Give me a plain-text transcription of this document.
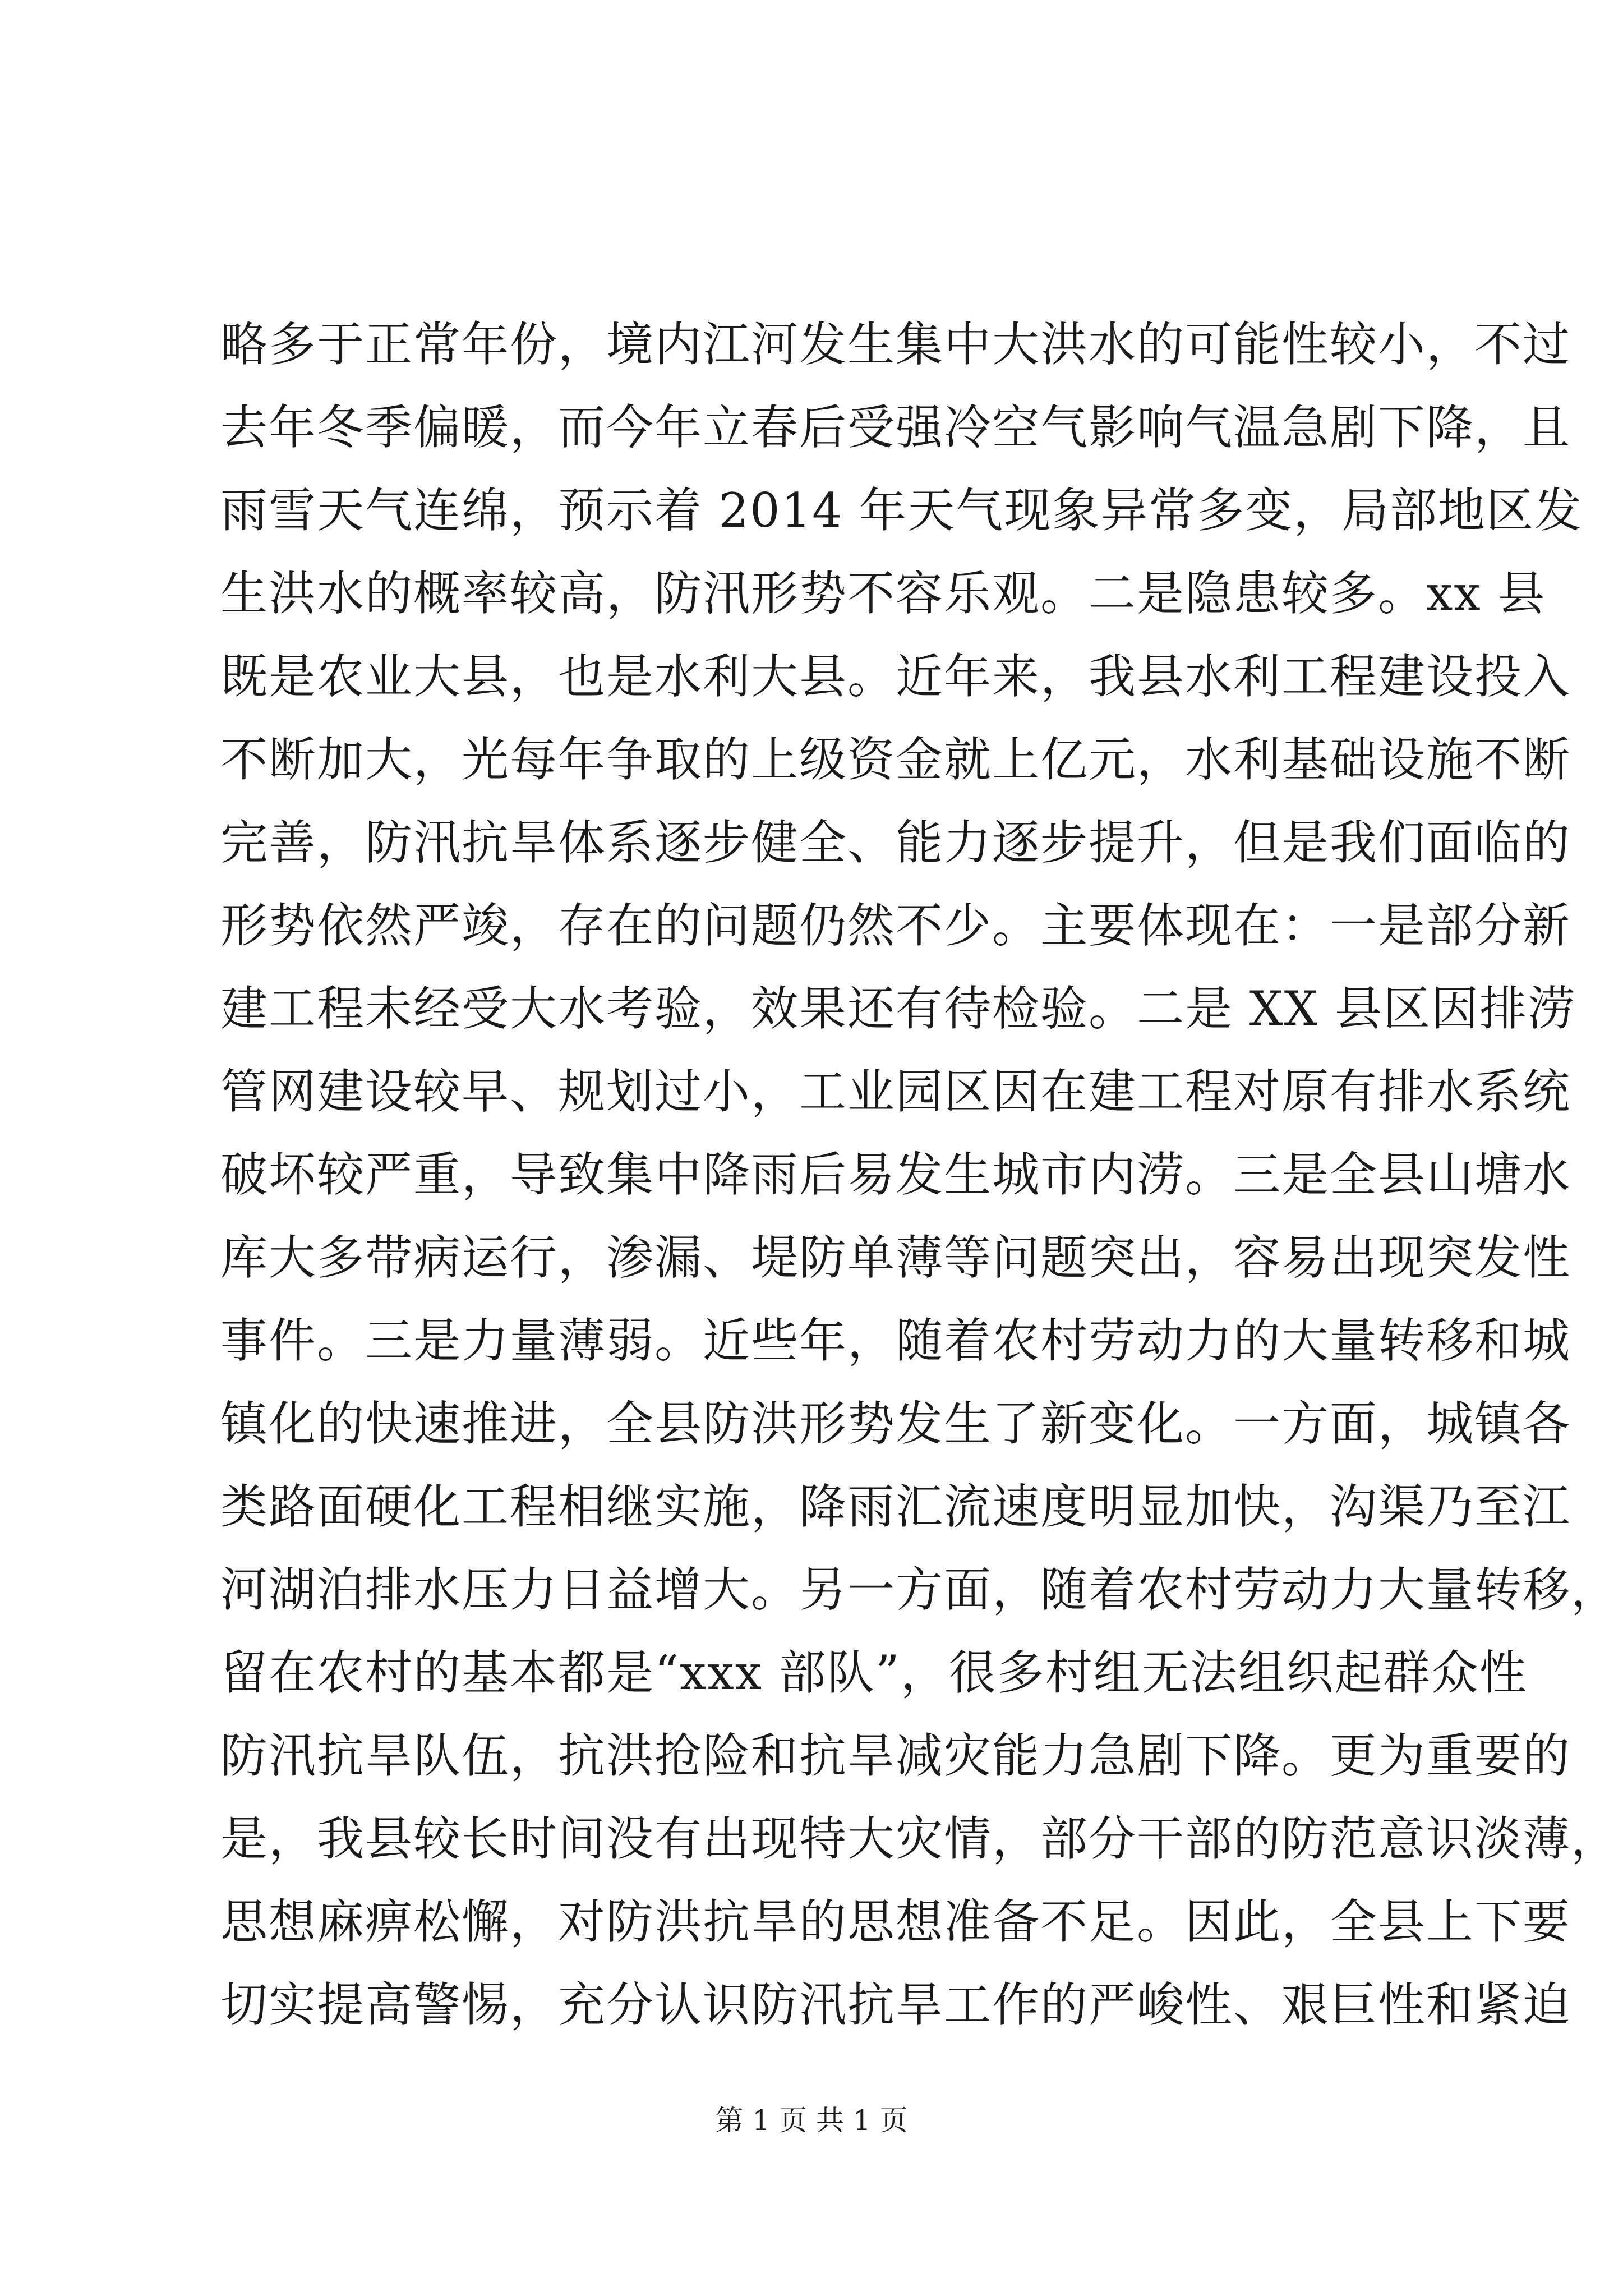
略多于正常年份，境内江河发生集中大洪水的可能性较小，不过
去年冬季偏暖，而今年立春后受强冷空气影响气温急剧下降，且
雨雪天气连绵，预示着 2014 年天气现象异常多变，局部地区发
生洪水的概率较高，防汛形势不容乐观。二是隐患较多。xx 县
既是农业大县，也是水利大县。近年来，我县水利工程建设投入
不断加大，光每年争取的上级资金就上亿元，水利基础设施不断
完善，防汛抗旱体系逐步健全、能力逐步提升，但是我们面临的
形势依然严竣，存在的问题仍然不少。主要体现在：一是部分新
建工程未经受大水考验，效果还有待检验。二是 XX 县区因排涝
管网建设较早、规划过小，工业园区因在建工程对原有排水系统
破坏较严重，导致集中降雨后易发生城市内涝。三是全县山塘水
库大多带病运行，渗漏、堤防单薄等问题突出，容易出现突发性
事件。三是力量薄弱。近些年，随着农村劳动力的大量转移和城
镇化的快速推进，全县防洪形势发生了新变化。一方面，城镇各
类路面硬化工程相继实施，降雨汇流速度明显加快，沟渠乃至江
河湖泊排水压力日益增大。另一方面，随着农村劳动力大量转移，
留在农村的基本都是“xxx 部队”，很多村组无法组织起群众性
防汛抗旱队伍，抗洪抢险和抗旱减灾能力急剧下降。更为重要的
是，我县较长时间没有出现特大灾情，部分干部的防范意识淡薄，
思想麻痹松懈，对防洪抗旱的思想准备不足。因此，全县上下要
切实提高警惕，充分认识防汛抗旱工作的严峻性、艰巨性和紧迫
第 1 页 共 1 页
